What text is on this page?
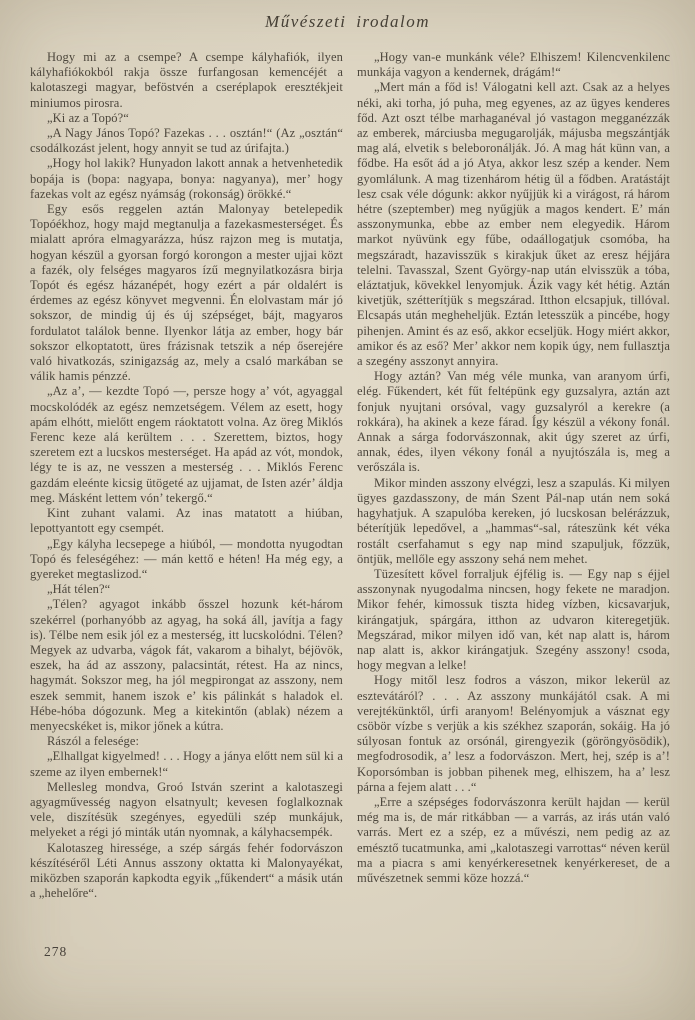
Művészeti irodalom

Hogy mi az a csempe? A csempe kályhafiók, ilyen kályhafiókokból rakja össze furfangosan kemencéjét a kalotaszegi magyar, beföstvén a cseréplapok eresztékjeit miniumos pirosra.

„Ki az a Topó?“

„A Nagy János Topó? Fazekas . . . osztán!“ (Az „osztán“ csodálkozást jelent, hogy annyit se tud az úrifajta.)

„Hogy hol lakik? Hunyadon lakott annak a hetvenhetedik bopája is (bopa: nagyapa, bonya: nagyanya), mer’ hogy fazekas volt az egész nyámság (rokonság) örökké.“

Egy esős reggelen aztán Malonyay betelepedik Topóékhoz, hogy majd megtanulja a fazekasmesterséget. És mialatt apróra elmagyarázza, húsz rajzon meg is mutatja, hogyan készül a gyorsan forgó korongon a mester ujjai közt a fazék, oly felséges magyaros ízű megnyilatkozásra birja Topót és egész házanépét, hogy ezért a pár oldalért is érdemes az egész könyvet megvenni. Én elolvastam már jó sokszor, de mindig új és új szépséget, bájt, magyaros fordulatot találok benne. Ilyenkor látja az ember, hogy bár sokszor elkoptatott, üres frázisnak tetszik a nép őserejére való hivatkozás, szinigazság az, mely a csaló markában se válik hamis pénzzé.

„Az a’, — kezdte Topó —, persze hogy a’ vót, agyaggal mocskolódék az egész nemzetségem. Vélem az esett, hogy apám elhótt, mielőtt engem ráoktatott volna. Az öreg Miklós Ferenc keze alá kerültem . . . Szerettem, biztos, hogy szeretem ezt a lucskos mesterséget. Ha apád az vót, mondok, légy te is az, ne vesszen a mesterség . . . Miklós Ferenc gazdám eleénte kicsig ütögeté az ujjamat, de Isten azér’ áldja meg. Másként lettem vón’ tekergő.“

Kint zuhant valami. Az inas matatott a hiúban, lepottyantott egy csempét.

„Egy kályha lecsepege a hiúból, — mondotta nyugodtan Topó és feleségéhez: — mán kettő e héten! Ha még egy, a gyereket megtaslizod.“

„Hát télen?“

„Télen? agyagot inkább ősszel hozunk két-három szekérrel (porhanyóbb az agyag, ha soká áll, javítja a fagy is). Télbe nem esik jól ez a mesterség, itt lucskolódni. Télen? Megyek az udvarba, vágok fát, vakarom a bihalyt, béjövök, eszek, ha ád az asszony, palacsintát, rétest. Ha az nincs, hagymát. Sokszor meg, ha jól megpirongat az asszony, nem eszek semmit, hanem iszok e’ kis pálinkát s haladok el. Hébe-hóba dógozunk. Meg a kitekintőn (ablak) nézem a menyecskéket is, mikor jőnek a kútra.

Rászól a felesége:

„Elhallgat kigyelmed! . . . Hogy a jánya előtt nem sül ki a szeme az ilyen embernek!“

Mellesleg mondva, Groó István szerint a kalotaszegi agyagművesség nagyon elsatnyult; kevesen foglalkoznak vele, diszítésük szegényes, egyedüli szép munkájuk, melyeket a régi jó minták után nyomnak, a kályhacsempék.

Kalotaszeg hiressége, a szép sárgás fehér fodorvászon készítéséről Léti Annus asszony oktatta ki Malonyayékat, miközben szaporán kapkodta egyik „fűkendert“ a másik után a „hehelőre“.

„Hogy van-e munkánk véle? Elhiszem! Kilencvenkilenc munkája vagyon a kendernek, drágám!“

„Mert mán a főd is! Válogatni kell azt. Csak az a helyes néki, aki torha, jó puha, meg egyenes, az az ügyes kenderes főd. Azt oszt télbe marhaganéval jó vastagon megganézzák az emberek, márciusba megugarolják, májusba megszántják mag alá, elvetik s beleboronálják. Jó. A mag hát künn van, a fődbe. Ha esőt ád a jó Atya, akkor lesz szép a kender. Nem gyomlálunk. A mag tizenhárom hétig ül a fődben. Aratástájt lesz csak véle dógunk: akkor nyűjjük ki a virágost, rá három hétre (szeptember) meg nyűgjük a magos kendert. E’ mán asszonymunka, ebbe az ember nem elegyedik. Három markot nyüvünk egy fűbe, odaállogatjuk csomóba, ha megszáradt, hazavisszük s kirakjuk űket az eresz héjjára telelni. Tavasszal, Szent György-nap után elvisszük a tóba, eláztatjuk, kövekkel lenyomjuk. Ázik vagy két hétig. Aztán kivetjük, szétterítjük s megszárad. Itthon elcsapjuk, tillóval. Elcsapás után megheheljük. Eztán letesszük a pincébe, hogy pihenjen. Amint és az eső, akkor ecseljük. Hogy miért akkor, amikor és az eső? Mer’ akkor nem kopik úgy, nem fullasztja a szegény asszonyt annyira.

Hogy aztán? Van még véle munka, van aranyom úrfi, elég. Fűkendert, két fűt feltépünk egy guzsalyra, aztán azt fonjuk nyujtani orsóval, vagy guzsalyról a kerekre (a rokkára), ha akinek a keze fárad. Így készül a vékony fonál. Annak a sárga fodorvászonnak, akit úgy szeret az úrfi, annak, édes, ilyen vékony fonál a nyujtószála is, meg a verőszála is.

Mikor minden asszony elvégzi, lesz a szapulás. Ki milyen ügyes gazdasszony, de mán Szent Pál-nap után nem soká hagyhatjuk. A szapulóba kereken, jó lucskosan belérázzuk, béterítjük lepedővel, a „hammas“-sal, ráteszünk két véka rostált cserfahamut s egy nap mind szapuljuk, főzzük, öntjük, mellőle egy asszony sehá nem mehet.

Tüzesített kővel forraljuk éjfélig is. — Egy nap s éjjel asszonynak nyugodalma nincsen, hogy fekete ne maradjon. Mikor fehér, kimossuk tiszta hideg vízben, kicsavarjuk, kirángatjuk, spárgára, itthon az udvaron kiteregetjük. Megszárad, mikor milyen idő van, két nap alatt is, három nap alatt is, akkor kirángatjuk. Szegény asszony! csoda, hogy megvan a lelke!

Hogy mitől lesz fodros a vászon, mikor lekerül az esztevátáról? . . . Az asszony munkájától csak. A mi verejtékünktől, úrfi aranyom! Belényomjuk a vásznat egy csöbör vízbe s verjük a kis székhez szaporán, sokáig. Ha jó súlyosan fontuk az orsónál, girengyezik (göröngyösödik), megfodrosodik, a’ lesz a fodorvászon. Mert, hej, szép is a’! Koporsómban is jobban pihenek meg, elhiszem, ha a’ lesz párna a fejem alatt . . .“

„Erre a szépséges fodorvászonra került hajdan — kerül még ma is, de már ritkábban — a varrás, az irás után való varrás. Mert ez a szép, ez a művészi, nem pedig az az emésztő tucatmunka, ami „kalotaszegi varrottas“ néven kerül ma a piacra s ami kenyérkeresetnek kenyérkereset, de a művészetnek semmi köze hozzá.“

278
